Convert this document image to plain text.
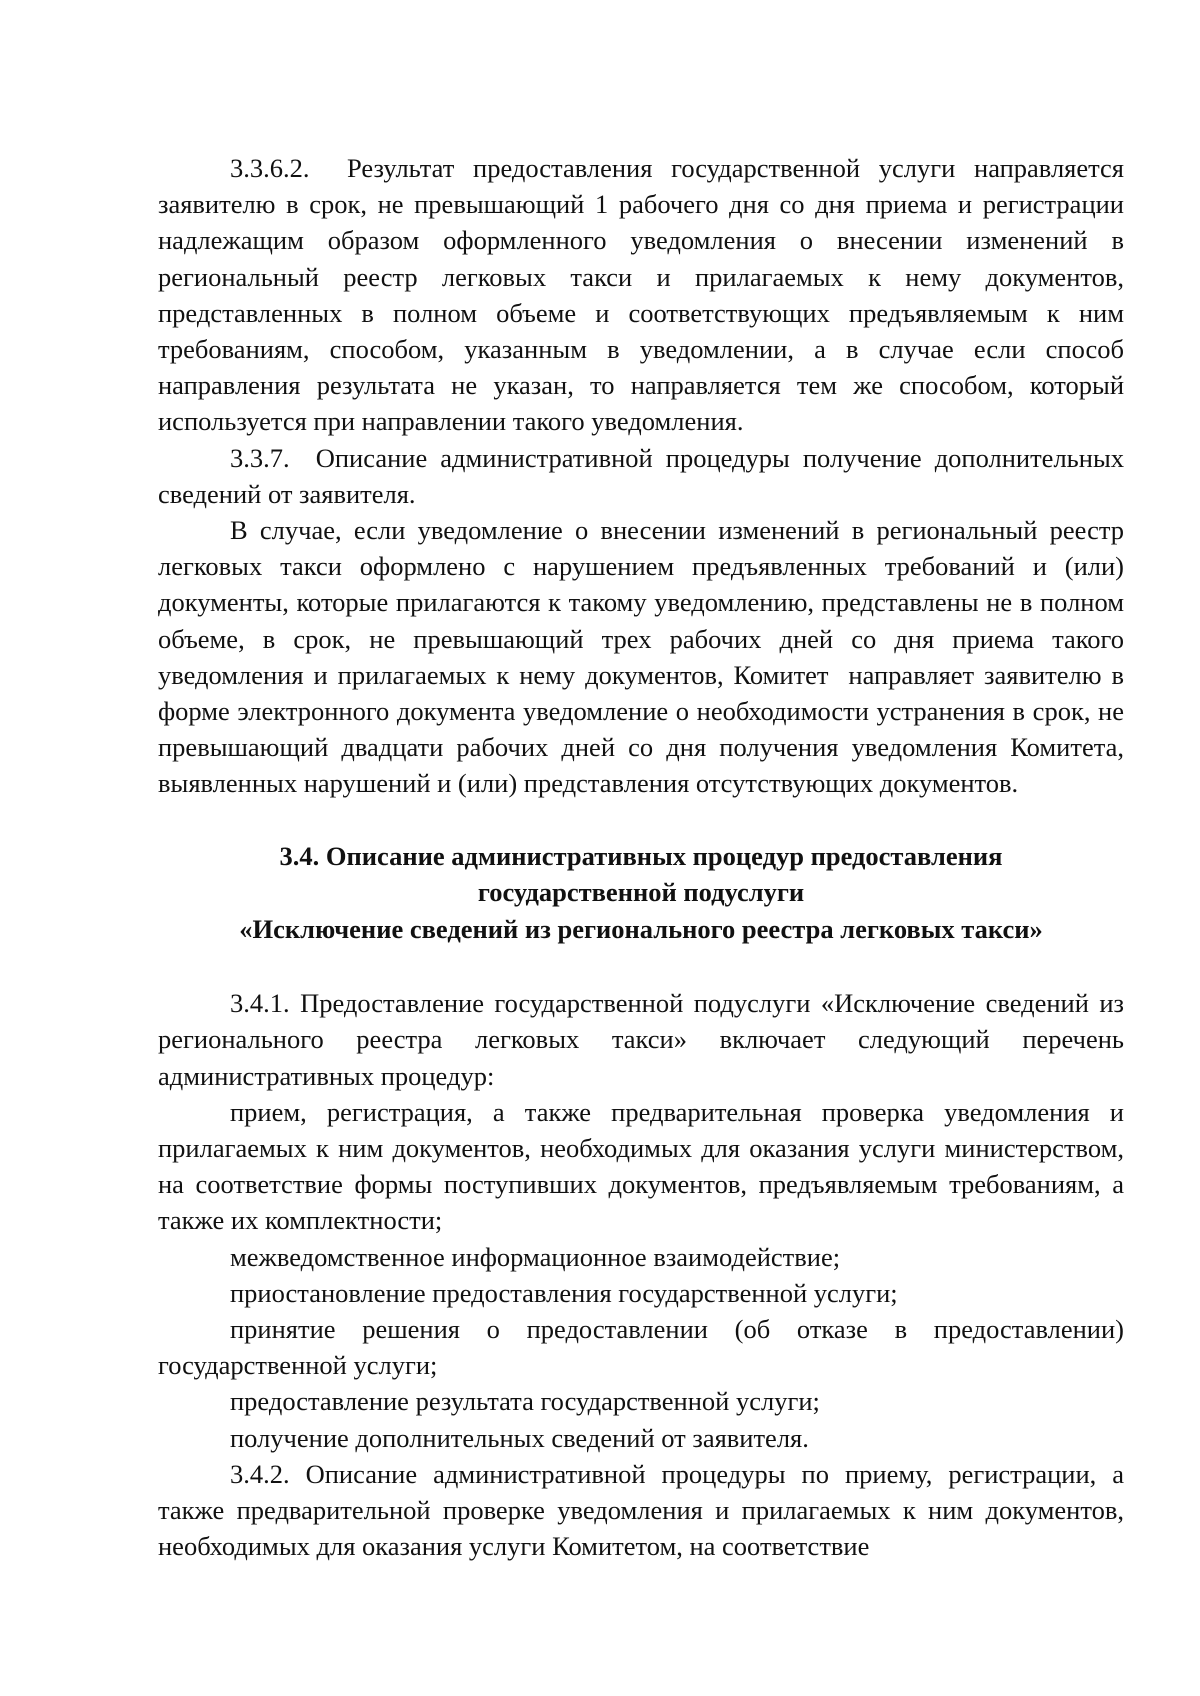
3.3.6.2.  Результат предоставления государственной услуги направляется заявителю в срок, не превышающий 1 рабочего дня со дня приема и регистрации надлежащим образом оформленного уведомления о внесении изменений в региональный реестр легковых такси и прилагаемых к нему документов, представленных в полном объеме и соответствующих предъявляемым к ним требованиям, способом, указанным в уведомлении, а в случае если способ направления результата не указан, то направляется тем же способом, который используется при направлении такого уведомления.

3.3.7.  Описание административной процедуры получение дополнительных сведений от заявителя.

В случае, если уведомление о внесении изменений в региональный реестр легковых такси оформлено с нарушением предъявленных требований и (или) документы, которые прилагаются к такому уведомлению, представлены не в полном объеме, в срок, не превышающий трех рабочих дней со дня приема такого уведомления и прилагаемых к нему документов, Комитет  направляет заявителю в форме электронного документа уведомление о необходимости устранения в срок, не превышающий двадцати рабочих дней со дня получения уведомления Комитета, выявленных нарушений и (или) представления отсутствующих документов.

3.4. Описание административных процедур предоставления
государственной подуслуги
«Исключение сведений из регионального реестра легковых такси»

3.4.1. Предоставление государственной подуслуги «Исключение сведений из регионального реестра легковых такси» включает следующий перечень административных процедур:

прием, регистрация, а также предварительная проверка уведомления и прилагаемых к ним документов, необходимых для оказания услуги министерством, на соответствие формы поступивших документов, предъявляемым требованиям, а также их комплектности;

межведомственное информационное взаимодействие;

приостановление предоставления государственной услуги;

принятие решения о предоставлении (об отказе в предоставлении) государственной услуги;

предоставление результата государственной услуги;

получение дополнительных сведений от заявителя.

3.4.2. Описание административной процедуры по приему, регистрации, а также предварительной проверке уведомления и прилагаемых к ним документов, необходимых для оказания услуги Комитетом, на соответствие
